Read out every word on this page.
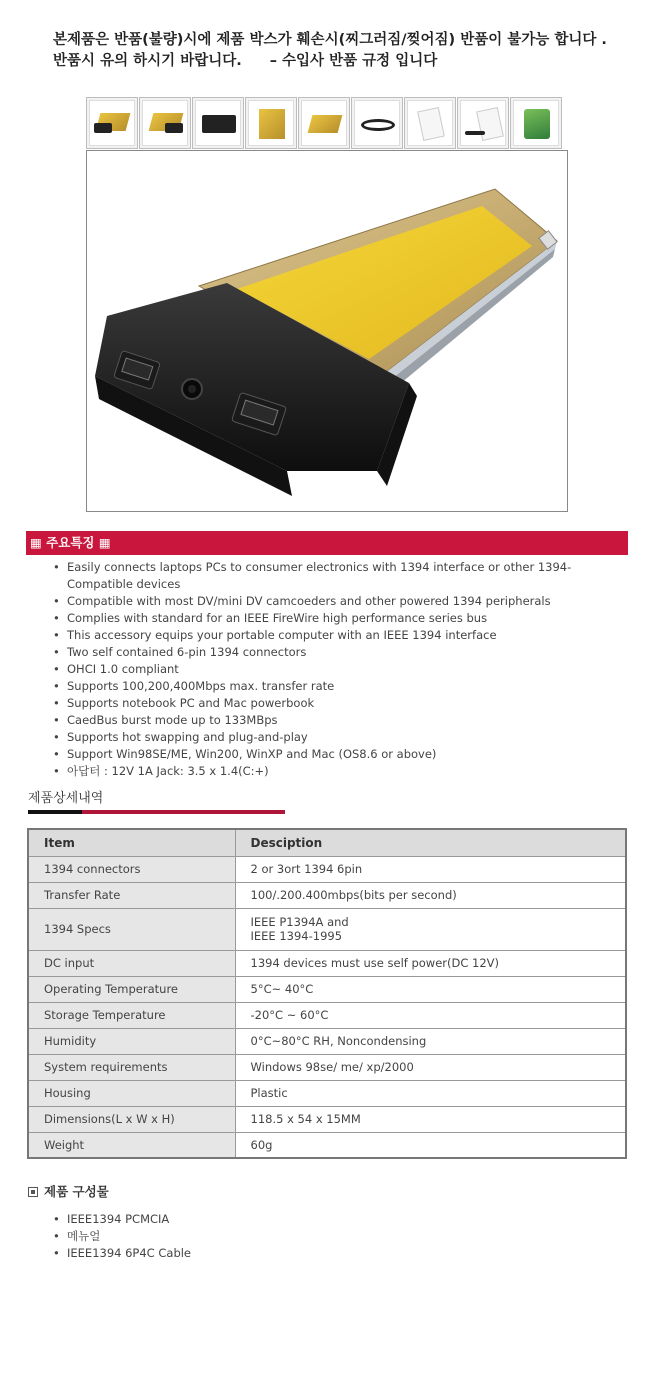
본제품은 반품(불량)시에 제품 박스가 훼손시(찌그러짐/찢어짐) 반품이 불가능 합니다 .
반품시 유의 하시기 바랍니다. – 수입사 반품 규정 입니다
▦ 주요특징 ▦
• Easily connects laptops PCs to consumer electronics with 1394 interface or other 1394-Compatible devices
• Compatible with most DV/mini DV camcoeders and other powered 1394 peripherals
• Complies with standard for an IEEE FireWire high performance series bus
• This accessory equips your portable computer with an IEEE 1394 interface
• Two self contained 6-pin 1394 connectors
• OHCI 1.0 compliant
• Supports 100,200,400Mbps max. transfer rate
• Supports notebook PC and Mac powerbook
• CaedBus burst mode up to 133MBps
• Supports hot swapping and plug-and-play
• Support Win98SE/ME, Win200, WinXP and Mac (OS8.6 or above)
• 아답터 : 12V 1A Jack: 3.5 x 1.4(C:+)
제품상세내역
Item	Desciption
1394 connectors	2 or 3ort 1394 6pin
Transfer Rate	100/.200.400mbps(bits per second)
1394 Specs	IEEE P1394A and
IEEE 1394-1995

DC input	1394 devices must use self power(DC 12V)
Operating Temperature	5°C~ 40°C
Storage Temperature	-20°C ~ 60°C
Humidity	0°C~80°C RH, Noncondensing
System requirements	Windows 98se/ me/ xp/2000
Housing	Plastic
Dimensions(L x W x H)	118.5 x 54 x 15MM
Weight	60g
제품 구성물
• IEEE1394 PCMCIA
• 메뉴얼
• IEEE1394 6P4C Cable
